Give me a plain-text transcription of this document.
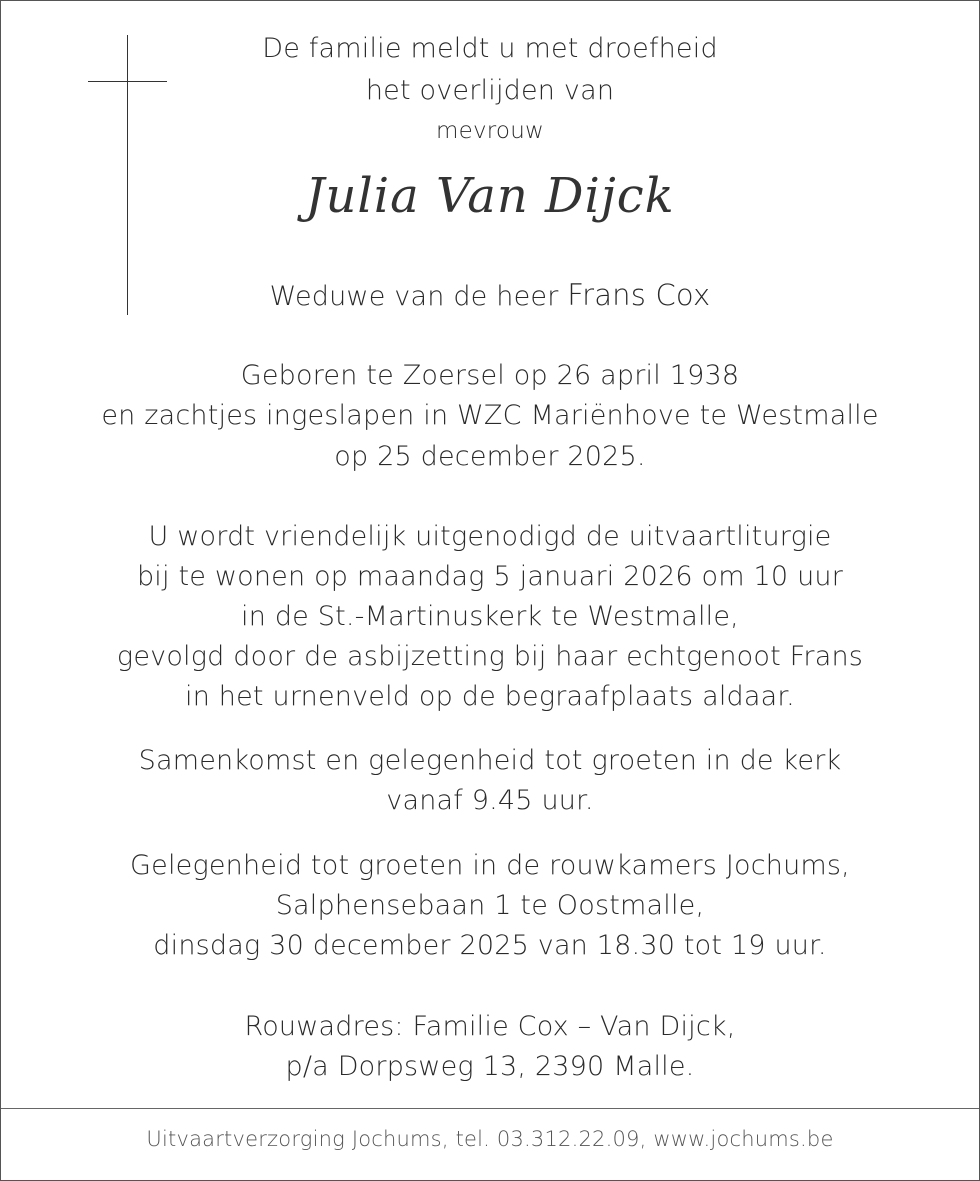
De familie meldt u met droefheid
het overlijden van
mevrouw
Julia Van Dijck
Weduwe van de heer Frans Cox
Geboren te Zoersel op 26 april 1938
en zachtjes ingeslapen in WZC Mariënhove te Westmalle
op 25 december 2025.
U wordt vriendelijk uitgenodigd de uitvaartliturgie
bij te wonen op maandag 5 januari 2026 om 10 uur
in de St.-Martinuskerk te Westmalle,
gevolgd door de asbijzetting bij haar echtgenoot Frans
in het urnenveld op de begraafplaats aldaar.
Samenkomst en gelegenheid tot groeten in de kerk
vanaf 9.45 uur.
Gelegenheid tot groeten in de rouwkamers Jochums,
Salphensebaan 1 te Oostmalle,
dinsdag 30 december 2025 van 18.30 tot 19 uur.
Rouwadres: Familie Cox – Van Dijck,
p/a Dorpsweg 13, 2390 Malle.
Uitvaartverzorging Jochums, tel. 03.312.22.09, www.jochums.be
